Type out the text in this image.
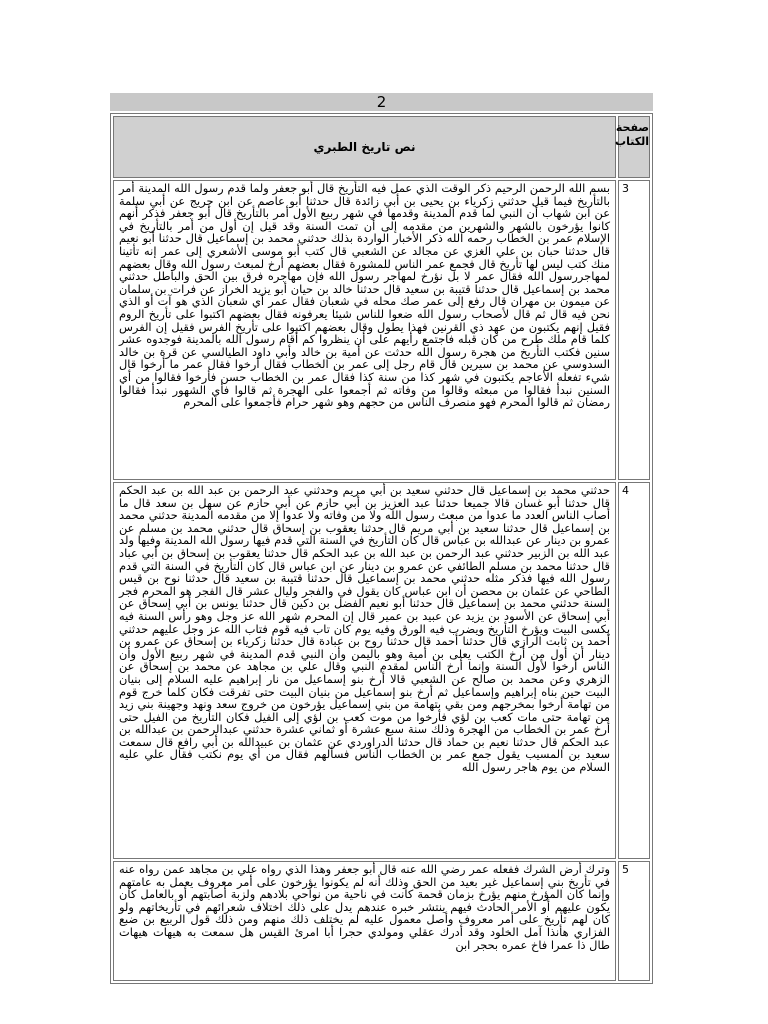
2
صفحة الكتاب	نص تاريخ الطبري
3	بسم الله الرحمن الرحيم ذكر الوقت الذي عمل فيه التأريخ قال أبو جعفر ولما قدم رسول الله المدينة أمر بالتأريخ فيما قيل حدثني زكرياء بن يحيى بن أبي زائدة قال حدثنا أبو عاصم عن ابن جريج عن أبي سلمة عن ابن شهاب أن النبي لما قدم المدينة وقدمها في شهر ربيع الأول أمر بالتأريخ قال أبو جعفر فذكر أنهم كانوا يؤرخون بالشهر والشهرين من مقدمه إلى أن تمت السنة وقد قيل إن أول من أمر بالتأريخ في الإسلام عمر بن الخطاب رحمه الله ذكر الأخبار الواردة بذلك حدثني محمد بن إسماعيل قال حدثنا أبو نعيم قال حدثنا حبان بن علي الغزي عن مجالد عن الشعبي قال كتب أبو موسى الأشعري إلى عمر إنه تأتينا منك كتب ليس لها تأريخ قال فجمع عمر الناس للمشورة فقال بعضهم أرخ لمبعث رسول الله وقال بعضهم لمهاجررسول الله فقال عمر لا بل نؤرخ لمهاجر رسول الله فإن مهاجره فرق بين الحق والباطل حدثني محمد بن إسماعيل قال حدثنا قتيبة بن سعيد قال حدثنا خالد بن حيان أبو يزيد الخراز عن فرات بن سلمان عن ميمون بن مهران قال رفع إلى عمر صك محله في شعبان فقال عمر أي شعبان الذي هو آت أو الذي نحن فيه قال ثم قال لأصحاب رسول الله ضعوا للناس شيئا يعرفونه فقال بعضهم اكتبوا على تأريخ الروم فقيل إنهم يكتبون من عهد ذي القرنين فهذا يطول وقال بعضهم اكتبوا على تأريخ الفرس فقيل إن الفرس كلما قام ملك طرح من كان قبله فاجتمع رأيهم على أن ينظروا كم أقام رسول الله بالمدينة فوجدوه عشر سنين فكتب التأريخ من هجرة رسول الله حدثت عن أمية بن خالد وأبي داود الطيالسي عن قرة بن خالد السدوسي عن محمد بن سيرين قال قام رجل إلى عمر بن الخطاب فقال أرخوا فقال عمر ما أرخوا قال شيء تفعله الأعاجم يكتبون في شهر كذا من سنة كذا فقال عمر بن الخطاب حسن فأرخوا فقالوا من أي السنين نبدأ فقالوا من مبعثه وقالوا من وفاته ثم أجمعوا على الهجرة ثم قالوا فأي الشهور نبدأ فقالوا رمضان ثم قالوا المحرم فهو منصرف الناس من حجهم وهو شهر حرام فأجمعوا على المحرم

4	حدثني محمد بن إسماعيل قال حدثني سعيد بن أبي مريم وحدثني عبد الرحمن بن عبد الله بن عبد الحكم قال حدثنا أبو غسان قالا جميعا حدثنا عبد العزيز بن أبي حازم عن أبي حازم عن سهل بن سعد قال ما أصاب الناس العدد ما عدوا من مبعث رسول الله ولا من وفاته ولا عدوا إلا من مقدمه المدينة حدثني محمد بن إسماعيل قال حدثنا سعيد بن أبي مريم قال حدثنا يعقوب بن إسحاق قال حدثني محمد بن مسلم عن عمرو بن دينار عن عبدالله بن عباس قال كان التأريخ في السنة التي قدم فيها رسول الله المدينة وفيها ولد عبد الله بن الزبير حدثني عبد الرحمن بن عبد الله بن عبد الحكم قال حدثنا يعقوب بن إسحاق بن أبي عباد قال حدثنا محمد بن مسلم الطائفي عن عمرو بن دينار عن ابن عباس قال كان التأريخ في السنة التي قدم رسول الله فيها فذكر مثله حدثني محمد بن إسماعيل قال حدثنا قتيبة بن سعيد قال حدثنا نوح بن قيس الطاحي عن عثمان بن محصن أن ابن عباس كان يقول في والفجر وليال عشر قال الفجر هو المحرم فجر السنة حدثني محمد بن إسماعيل قال حدثنا أبو نعيم الفضل بن دكين قال حدثنا يونس بن أبي إسحاق عن أبي إسحاق عن الأسود بن يزيد عن عبيد بن عمير قال إن المحرم شهر الله عز وجل وهو رأس السنة فيه يكسى البيت ويؤرخ التأريخ ويضرب فيه الورق وفيه يوم كان تاب فيه قوم فتاب الله عز وجل عليهم حدثني أحمد بن ثابت الرازي قال حدثنا أحمد قال حدثنا روح بن عبادة قال حدثنا زكرياء بن إسحاق عن عمرو بن دينار أن أول من أرخ الكتب يعلى بن أمية وهو باليمن وأن النبي قدم المدينة في شهر ربيع الأول وأن الناس أرخوا لأول السنة وإنما أرخ الناس لمقدم النبي وقال علي بن مجاهد عن محمد بن إسحاق عن الزهري وعن محمد بن صالح عن الشعبي قالا أرخ بنو إسماعيل من نار إبراهيم عليه السلام إلى بنيان البيت حين بناه إبراهيم وإسماعيل ثم أرخ بنو إسماعيل من بنيان البيت حتى تفرقت فكان كلما خرج قوم من تهامة أرخوا بمخرجهم ومن بقي بتهامة من بني إسماعيل يؤرخون من خروج سعد ونهد وجهينة بني زيد من تهامة حتى مات كعب بن لؤي فأرخوا من موت كعب بن لؤي إلى الفيل فكان التأريخ من الفيل حتى أرخ عمر بن الخطاب من الهجرة وذلك سنة سبع عشرة أو ثماني عشرة حدثني عبدالرحمن بن عبدالله بن عبد الحكم قال حدثنا نعيم بن حماد قال حدثنا الدراوردي عن عثمان بن عبيدالله بن أبي رافع قال سمعت سعيد بن المسيب يقول جمع عمر بن الخطاب الناس فسألهم فقال من أي يوم نكتب فقال علي عليه السلام من يوم هاجر رسول الله

5	وترك أرض الشرك ففعله عمر رضي الله عنه قال أبو جعفر وهذا الذي رواه علي بن مجاهد عمن رواه عنه في تأريخ بني إسماعيل غير بعيد من الحق وذلك أنه لم يكونوا يؤرخون على أمر معروف يعمل به عامتهم وإنما كان المؤرخ منهم يؤرخ بزمان قحمة كانت في ناحية من نواحي بلادهم ولزبة أصابتهم أو بالعامل كان يكون عليهم أو الأمر الحادث فيهم ينتشر خبره عندهم يدل على ذلك اختلاف شعرائهم في تأريخاتهم ولو كان لهم تأريخ على أمر معروف وأصل معمول عليه لم يختلف ذلك منهم ومن ذلك قول الربيع بن ضبع الفزاري هأنذا آمل الخلود وقد أدرك عقلي ومولدي حجرا أبا امرئ القيس هل سمعت به هيهات هيهات طال ذا عمرا فاخ عمره بحجر ابن
